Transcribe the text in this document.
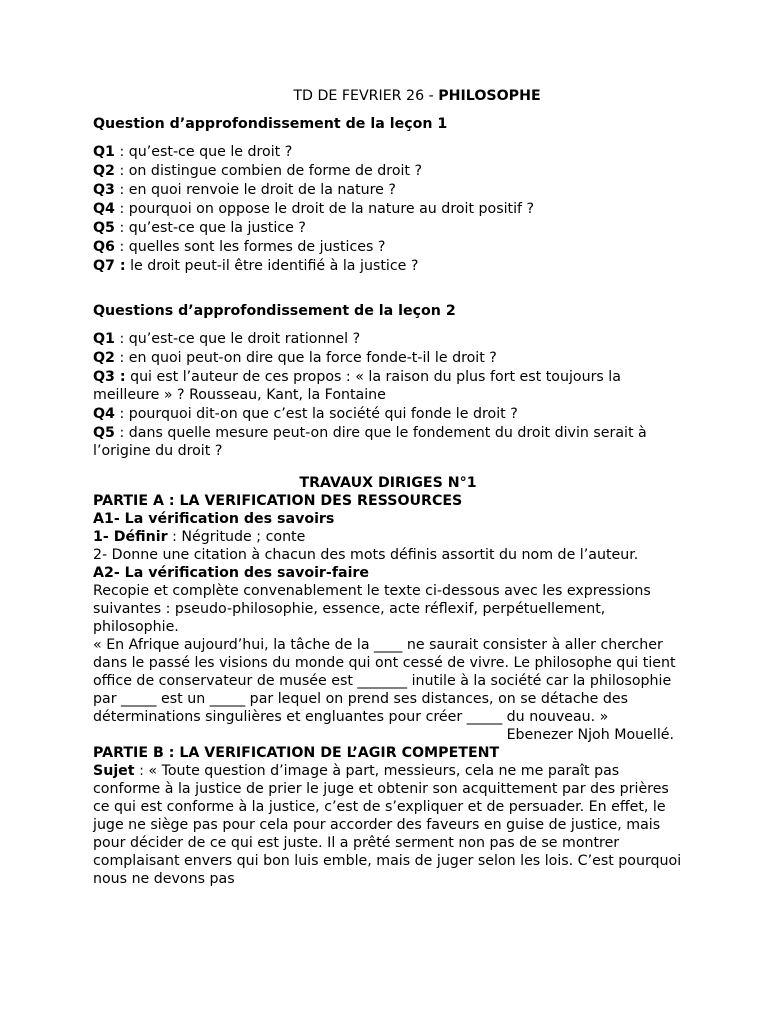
TD DE FEVRIER 26 - PHILOSOPHE

Question d’approfondissement de la leçon 1

Q1 : qu’est-ce que le droit ?

Q2 : on distingue combien de forme de droit ?

Q3 : en quoi renvoie le droit de la nature ?

Q4 : pourquoi on oppose le droit de la nature au droit positif ?

Q5 : qu’est-ce que la justice ?

Q6 : quelles sont les formes de justices ?

Q7 : le droit peut-il être identifié à la justice ?

Questions d’approfondissement de la leçon 2

Q1 : qu’est-ce que le droit rationnel ?

Q2 : en quoi peut-on dire que la force fonde-t-il le droit ?

Q3 : qui est l’auteur de ces propos : « la raison du plus fort est toujours la meilleure » ? Rousseau, Kant, la Fontaine

Q4 : pourquoi dit-on que c’est la société qui fonde le droit ?

Q5 : dans quelle mesure peut-on dire que le fondement du droit divin serait à l’origine du droit ?

TRAVAUX DIRIGES N°1

PARTIE A : LA VERIFICATION DES RESSOURCES

A1- La vérification des savoirs

1- Définir : Négritude ; conte

2- Donne une citation à chacun des mots définis assortit du nom de l’auteur.

A2- La vérification des savoir-faire

Recopie et complète convenablement le texte ci-dessous avec les expressions suivantes : pseudo-philosophie, essence, acte réflexif, perpétuellement, philosophie.

« En Afrique aujourd’hui, la tâche de la ____ ne saurait consister à aller chercher dans le passé les visions du monde qui ont cessé de vivre. Le philosophe qui tient office de conservateur de musée est _______ inutile à la société car la philosophie par _____ est un _____ par lequel on prend ses distances, on se détache des déterminations singulières et engluantes pour créer _____ du nouveau. »

Ebenezer Njoh Mouellé.

PARTIE B : LA VERIFICATION DE L’AGIR COMPETENT

Sujet : « Toute question d’image à part, messieurs, cela ne me paraît pas conforme à la justice de prier le juge et obtenir son acquittement par des prières ce qui est conforme à la justice, c’est de s’expliquer et de persuader. En effet, le juge ne siège pas pour cela pour accorder des faveurs en guise de justice, mais pour décider de ce qui est juste. Il a prêté serment non pas de se montrer complaisant envers qui bon luis emble, mais de juger selon les lois. C’est pourquoi nous ne devons pas
